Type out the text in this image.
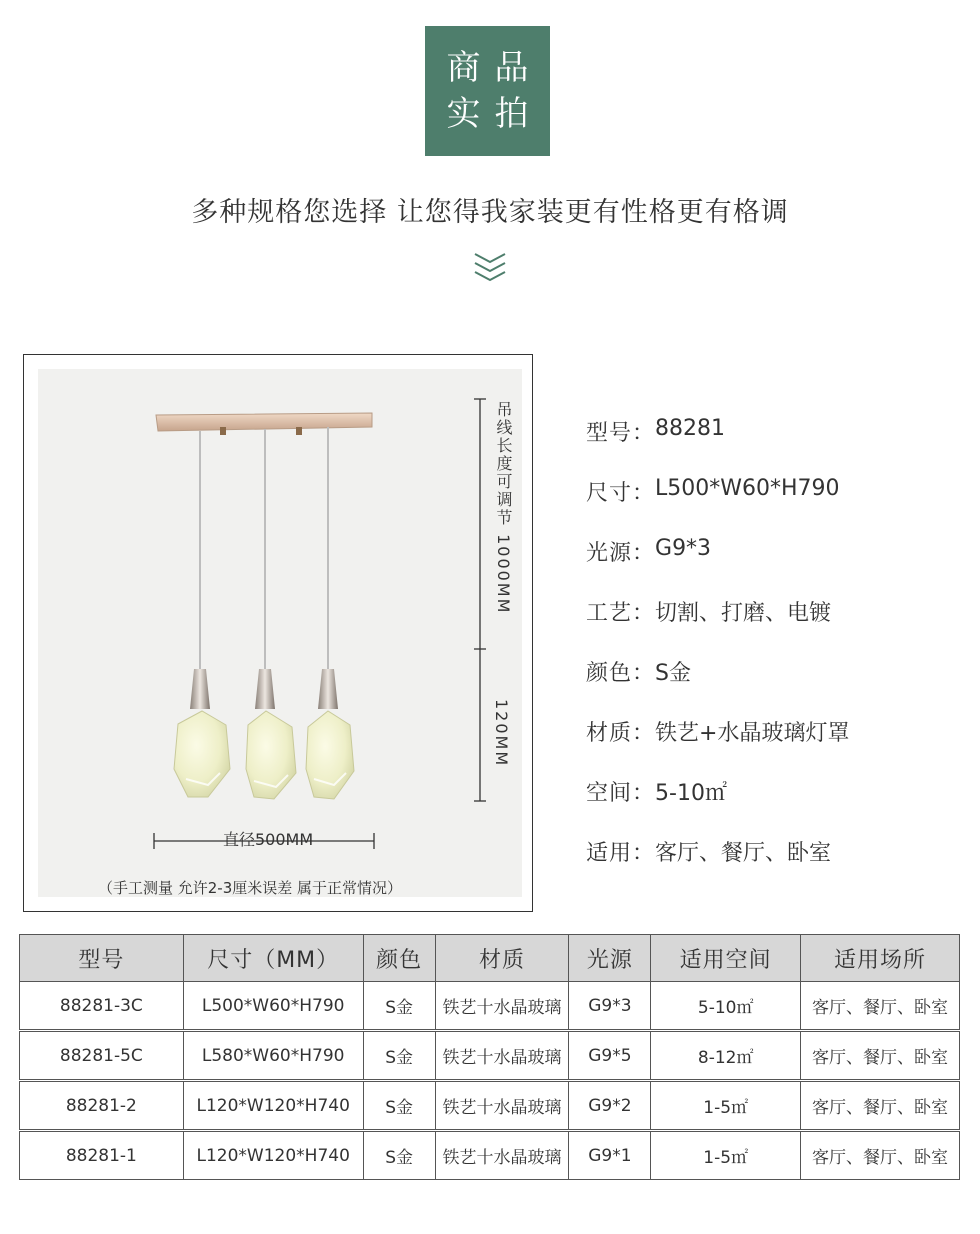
商品
实拍
多种规格您选择 让您得我家装更有性格更有格调
吊线长度可调节 1000MM
120MM
直径500MM
（手工测量 允许2-3厘米误差 属于正常情况）
型号： 88281
尺寸： L500*W60*H790
光源： G9*3
工艺： 切割、打磨、电镀
颜色： S金
材质： 铁艺+水晶玻璃灯罩
空间： 5-10㎡
适用： 客厅、餐厅、卧室
型号	尺寸（MM）	颜色	材质	光源	适用空间	适用场所
88281-3C	L500*W60*H790	S金	铁艺十水晶玻璃	G9*3	5-10㎡	客厅、餐厅、卧室
88281-5C	L580*W60*H790	S金	铁艺十水晶玻璃	G9*5	8-12㎡	客厅、餐厅、卧室
88281-2	L120*W120*H740	S金	铁艺十水晶玻璃	G9*2	1-5㎡	客厅、餐厅、卧室
88281-1	L120*W120*H740	S金	铁艺十水晶玻璃	G9*1	1-5㎡	客厅、餐厅、卧室
